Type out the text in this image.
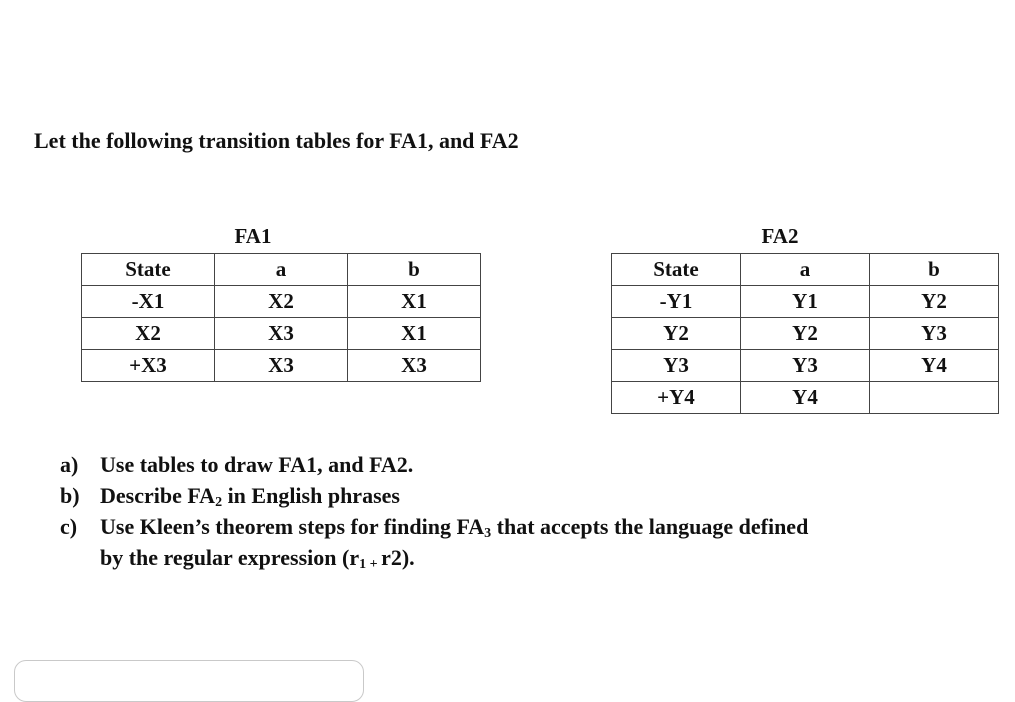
Let the following transition tables for FA1, and FA2
FA1
State	a	b
-X1	X2	X1
X2	X3	X1
+X3	X3	X3
FA2
State	a	b
-Y1	Y1	Y2
Y2	Y2	Y3
Y3	Y3	Y4
+Y4	Y4	
a) Use tables to draw FA1, and FA2.
b) Describe $FA_2$ in English phrases
c)	Use Kleen’s theorem steps for finding $FA_3$ that accepts the language defined
by the regular expression ($r_{1 +}$ r2).
